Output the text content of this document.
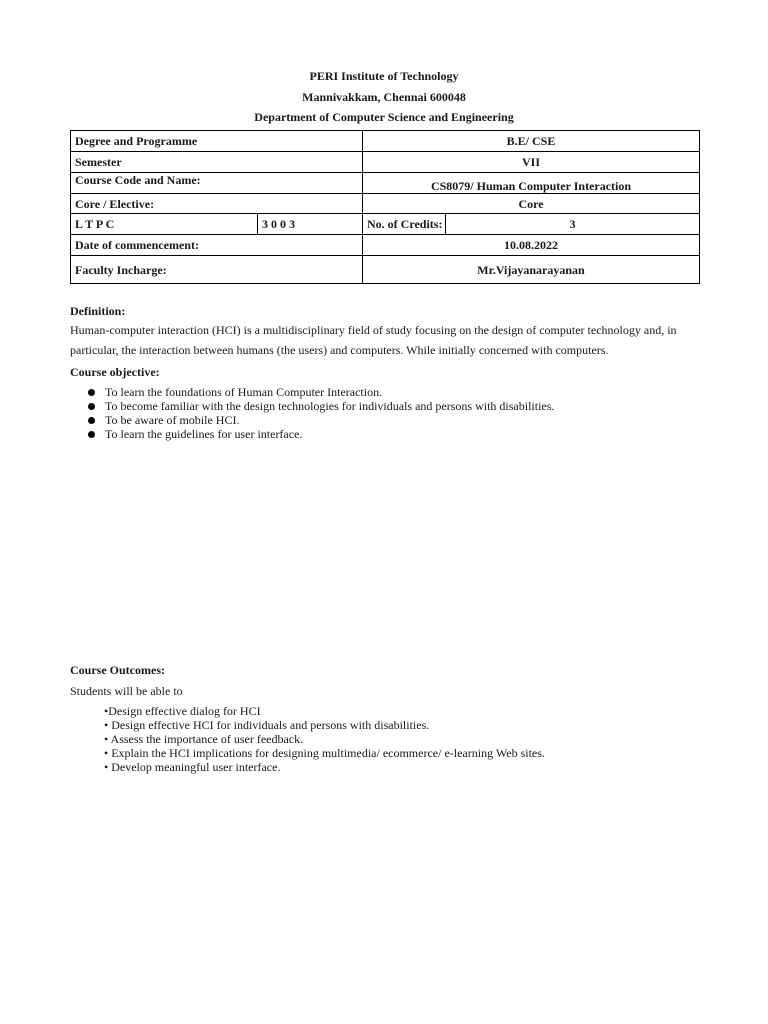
PERI Institute of Technology
Mannivakkam, Chennai 600048
Department of Computer Science and Engineering
Degree and Programme		B.E/ CSE	
Semester		VII	
Course Code and Name:		CS8079/ Human Computer Interaction	
Core / Elective:		Core	
L T P C	3 0 0 3	No. of Credits:	3
Date of commencement:		10.08.2022	
Faculty Incharge:		Mr.Vijayanarayanan	
Definition:
Human-computer interaction (HCI) is a multidisciplinary field of study focusing on the design of computer technology and, in particular, the interaction between humans (the users) and computers. While initially concerned with computers.
Course objective:
To learn the foundations of Human Computer Interaction.
To become familiar with the design technologies for individuals and persons with disabilities.
To be aware of mobile HCI.
To learn the guidelines for user interface.
Course Outcomes:
Students will be able to
•Design effective dialog for HCI
• Design effective HCI for individuals and persons with disabilities.
• Assess the importance of user feedback.
• Explain the HCI implications for designing multimedia/ ecommerce/ e-learning Web sites.
• Develop meaningful user interface.
